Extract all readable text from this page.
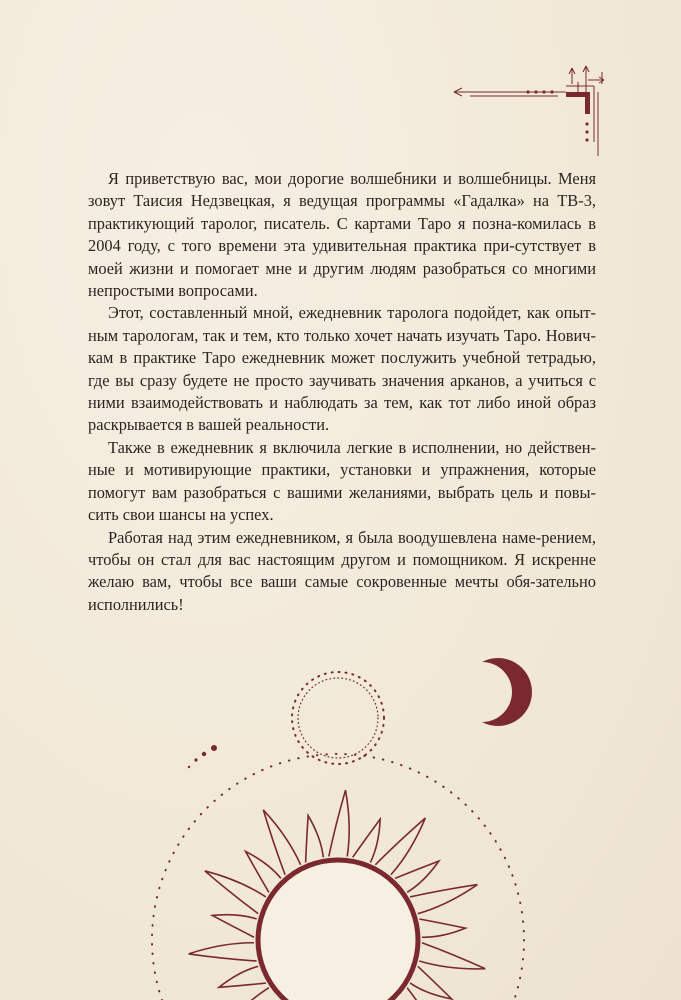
Я приветствую вас, мои дорогие волшебники и волшебницы. Меня зовут Таисия Недзвецкая, я ведущая программы «Гадалка» на ТВ-3, практикующий таролог, писатель. С картами Таро я позна-комилась в 2004 году, с того времени эта удивительная практика при-сутствует в моей жизни и помогает мне и другим людям разобраться со многими непростыми вопросами.

Этот, составленный мной, ежедневник таролога подойдет, как опыт-ным тарологам, так и тем, кто только хочет начать изучать Таро. Нович-кам в практике Таро ежедневник может послужить учебной тетрадью, где вы сразу будете не просто заучивать значения арканов, а учиться с ними взаимодействовать и наблюдать за тем, как тот либо иной образ раскрывается в вашей реальности.

Также в ежедневник я включила легкие в исполнении, но действен-ные и мотивирующие практики, установки и упражнения, которые помогут вам разобраться с вашими желаниями, выбрать цель и повы-сить свои шансы на успех.

Работая над этим ежедневником, я была воодушевлена наме-рением, чтобы он стал для вас настоящим другом и помощником. Я искренне желаю вам, чтобы все ваши самые сокровенные мечты обя-зательно исполнились!
